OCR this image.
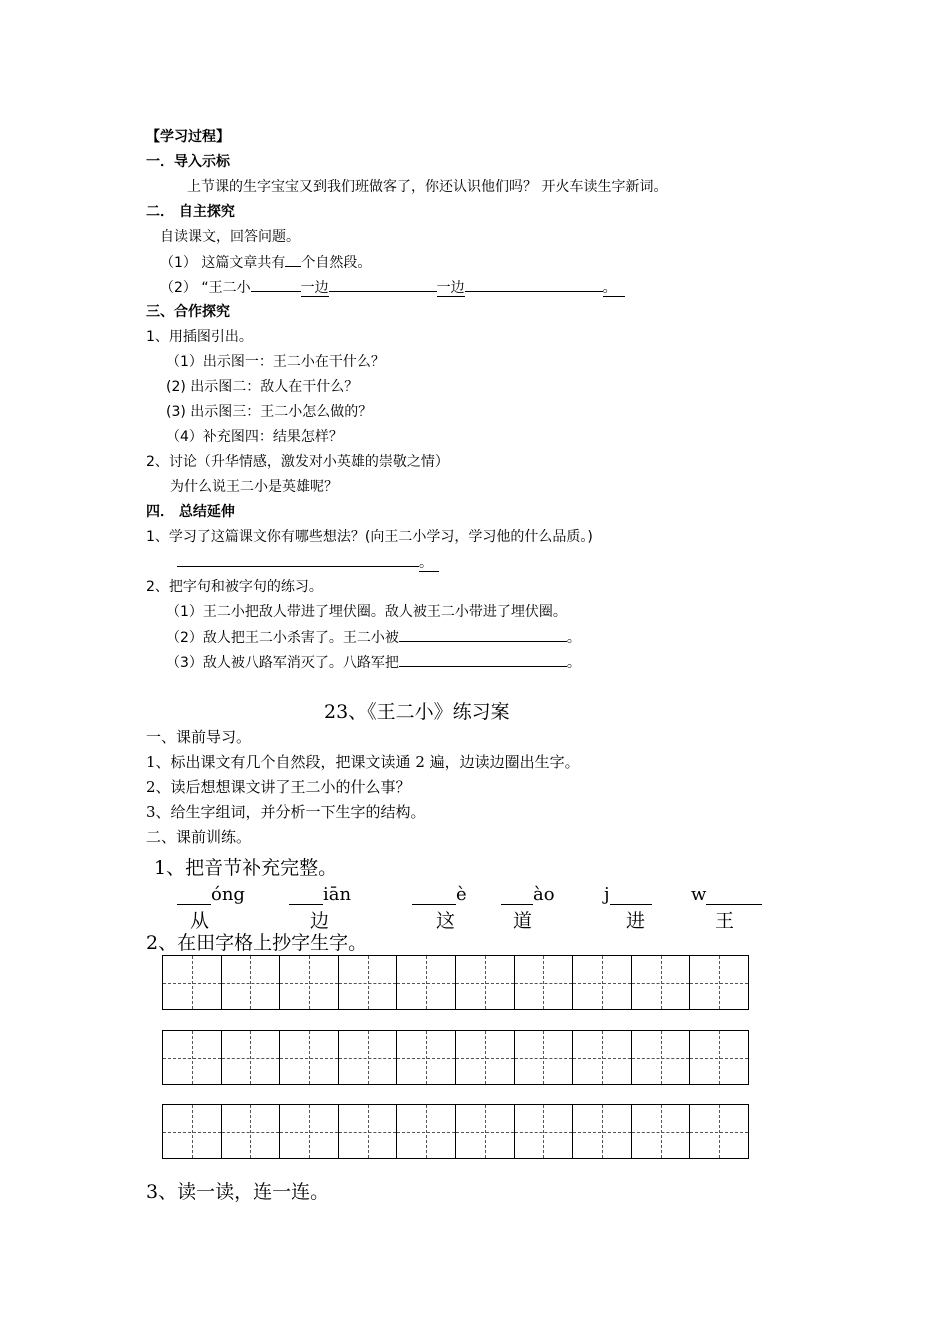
【学习过程】
一．导入示标
上节课的生字宝宝又到我们班做客了，你还认识他们吗？ 开火车读生字新词。
二． 自主探究
自读课文，回答问题。
（1） 这篇文章共有 个自然段。
（2） “王二小	一边	一边	。
三、合作探究
1、用插图引出。
（1）出示图一：王二小在干什么？
(2) 出示图二：敌人在干什么？
(3) 出示图三：王二小怎么做的？
（4）补充图四：结果怎样？
2、讨论（升华情感，激发对小英雄的崇敬之情）
为什么说王二小是英雄呢？
四． 总结延伸
1、学习了这篇课文你有哪些想法？(向王二小学习，学习他的什么品质。)
。
2、把字句和被字句的练习。
（1）王二小把敌人带进了埋伏圈。敌人被王二小带进了埋伏圈。
（2）敌人把王二小杀害了。王二小被	。
（3）敌人被八路军消灭了。八路军把	。
23、《王二小》练习案
一、课前导习。
1、标出课文有几个自然段，把课文读通 2 遍，边读边圈出生字。
2、读后想想课文讲了王二小的什么事？
3、给生字组词，并分析一下生字的结构。
二、课前训练。
1、把音节补充完整。
óng	iān	è	ào	j	w
从	边	这	道	进	王
2、在田字格上抄字生字。
3、读一读，连一连。
